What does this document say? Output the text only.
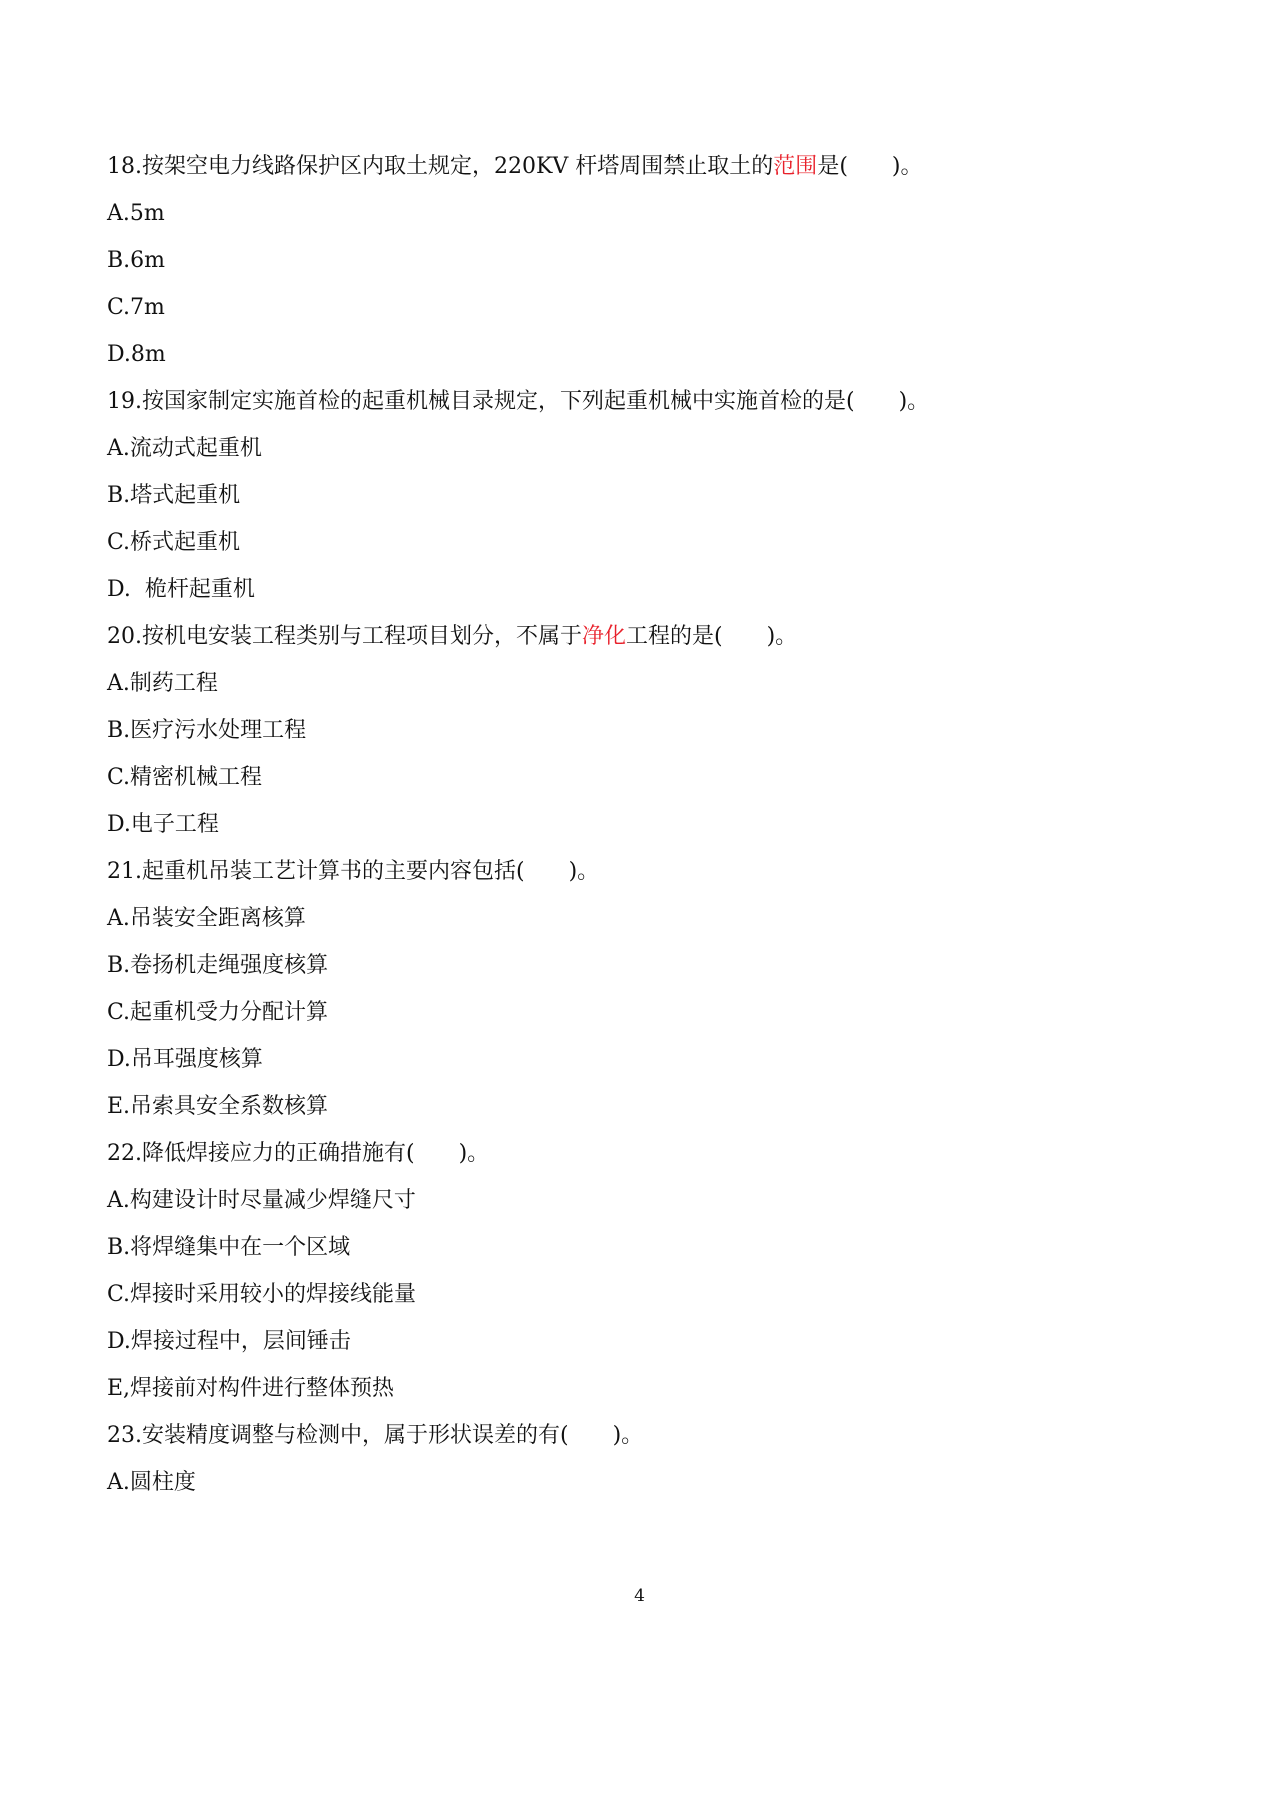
18.按架空电力线路保护区内取土规定，220KV 杆塔周围禁止取土的范围是(　　)。
A.5m
B.6m
C.7m
D.8m
19.按国家制定实施首检的起重机械目录规定，下列起重机械中实施首检的是(　　)。
A.流动式起重机
B.塔式起重机
C.桥式起重机
D.  桅杆起重机
20.按机电安装工程类别与工程项目划分，不属于净化工程的是(　　)。
A.制药工程
B.医疗污水处理工程
C.精密机械工程
D.电子工程
21.起重机吊装工艺计算书的主要内容包括(　　)。
A.吊装安全距离核算
B.卷扬机走绳强度核算
C.起重机受力分配计算
D.吊耳强度核算
E.吊索具安全系数核算
22.降低焊接应力的正确措施有(　　)。
A.构建设计时尽量减少焊缝尺寸
B.将焊缝集中在一个区域
C.焊接时采用较小的焊接线能量
D.焊接过程中，层间锤击
E,焊接前对构件进行整体预热
23.安装精度调整与检测中，属于形状误差的有(　　)。
A.圆柱度
4
